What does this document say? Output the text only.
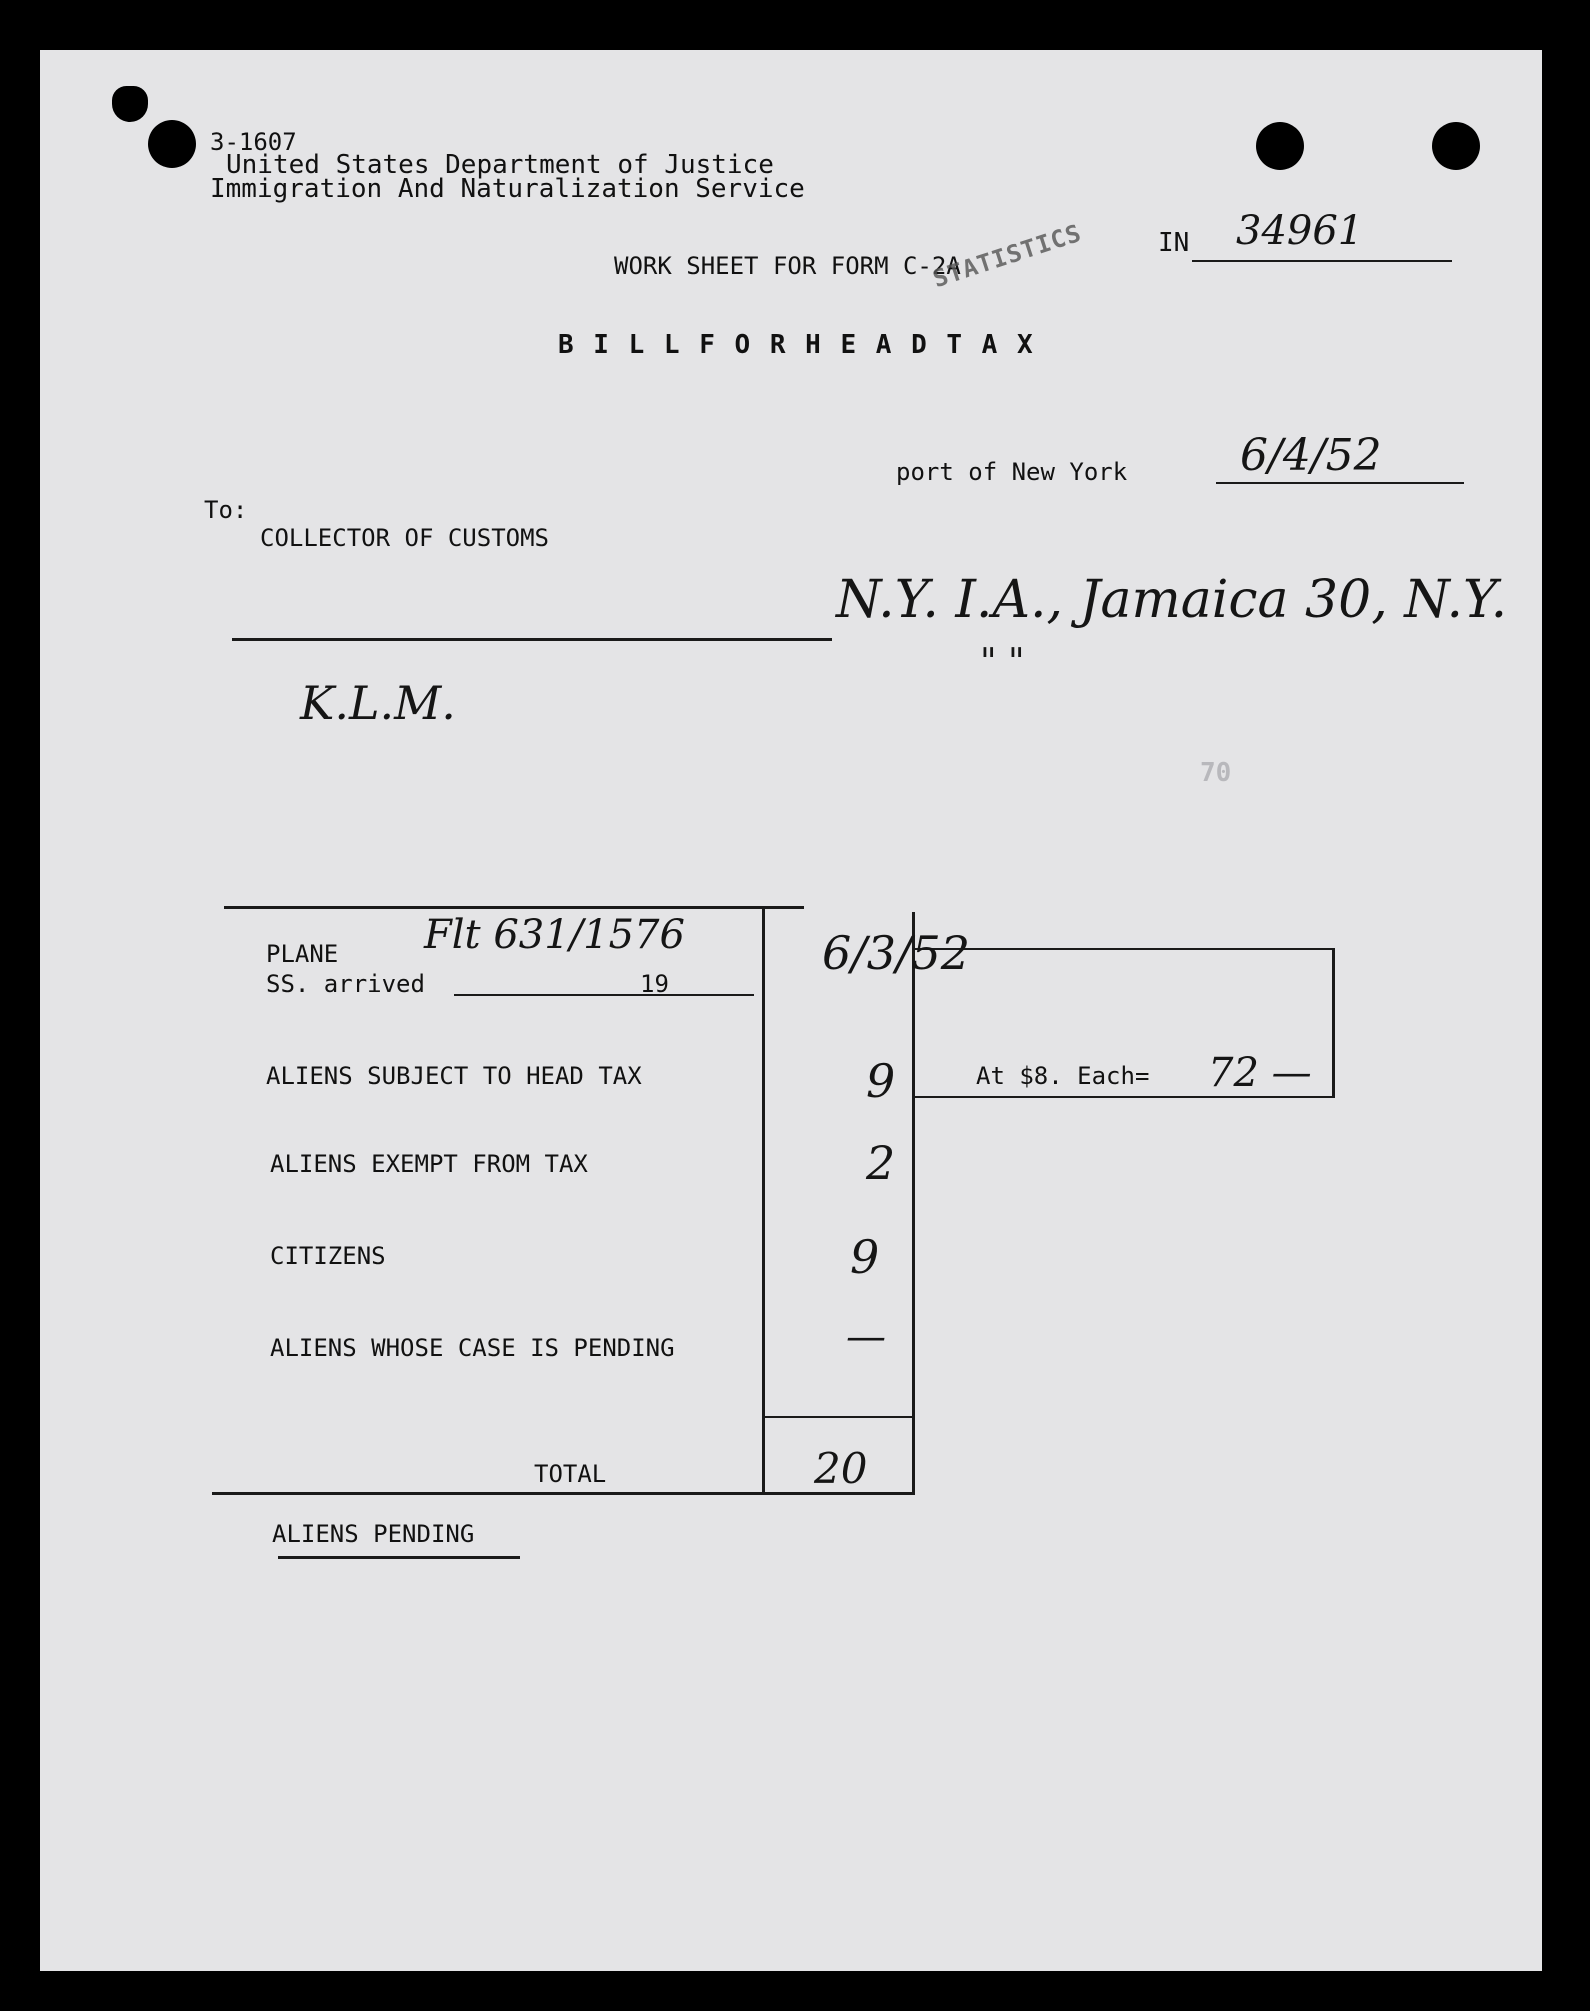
3-1607
United States Department of Justice
Immigration And Naturalization Service
WORK SHEET FOR FORM C-2A
STATISTICS	IN 34961
B I L L F O R H E A D T A X
port of New York	6/4/52
To:
COLLECTOR OF CUSTOMS
N.Y. I.A., Jamaica 30, N.Y.
" "
K.L.M.
70
PLANE Flt 631/1576
SS. arrived	19
6/3/52
ALIENS SUBJECT TO HEAD TAX	9	At $8. Each= 72 —
ALIENS EXEMPT FROM TAX	2
CITIZENS	9
ALIENS WHOSE CASE IS PENDING	—
TOTAL	20
ALIENS PENDING
